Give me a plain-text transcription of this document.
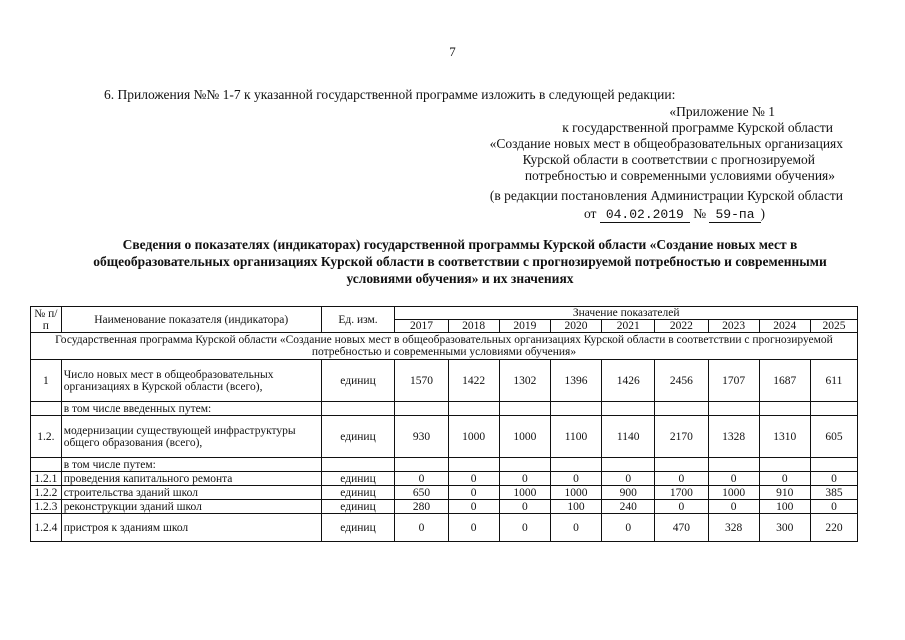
7
6. Приложения №№ 1-7 к указанной государственной программе изложить в следующей редакции:
«Приложение № 1
к государственной программе Курской области
«Создание новых мест в общеобразовательных организациях
Курской области в соответствии с прогнозируемой
потребностью и современными условиями обучения»
(в редакции постановления Администрации Курской области
от 04.02.2019 № 59-па )
Сведения о показателях (индикаторах) государственной программы Курской области «Создание новых мест в общеобразовательных организациях Курской области в соответствии с прогнозируемой потребностью и современными условиями обучения» и их значениях
№ п/п	Наименование показателя (индикатора)	Ед. изм.	Значение показателей								
			2017	2018	2019	2020	2021	2022	2023	2024	2025
Государственная программа Курской области «Создание новых мест в общеобразовательных организациях Курской области в соответствии с прогнозируемой потребностью и современными условиями обучения»											
1	Число новых мест в общеобразовательных организациях в Курской области (всего),	единиц	1570	1422	1302	1396	1426	2456	1707	1687	611
	в том числе введенных путем:										
1.2.	модернизации существующей инфраструктуры общего образования (всего),	единиц	930	1000	1000	1100	1140	2170	1328	1310	605
	в том числе путем:										
1.2.1	проведения капитального ремонта	единиц	0	0	0	0	0	0	0	0	0
1.2.2	строительства зданий школ	единиц	650	0	1000	1000	900	1700	1000	910	385
1.2.3	реконструкции зданий школ	единиц	280	0	0	100	240	0	0	100	0
1.2.4	пристроя к зданиям школ	единиц	0	0	0	0	0	470	328	300	220
